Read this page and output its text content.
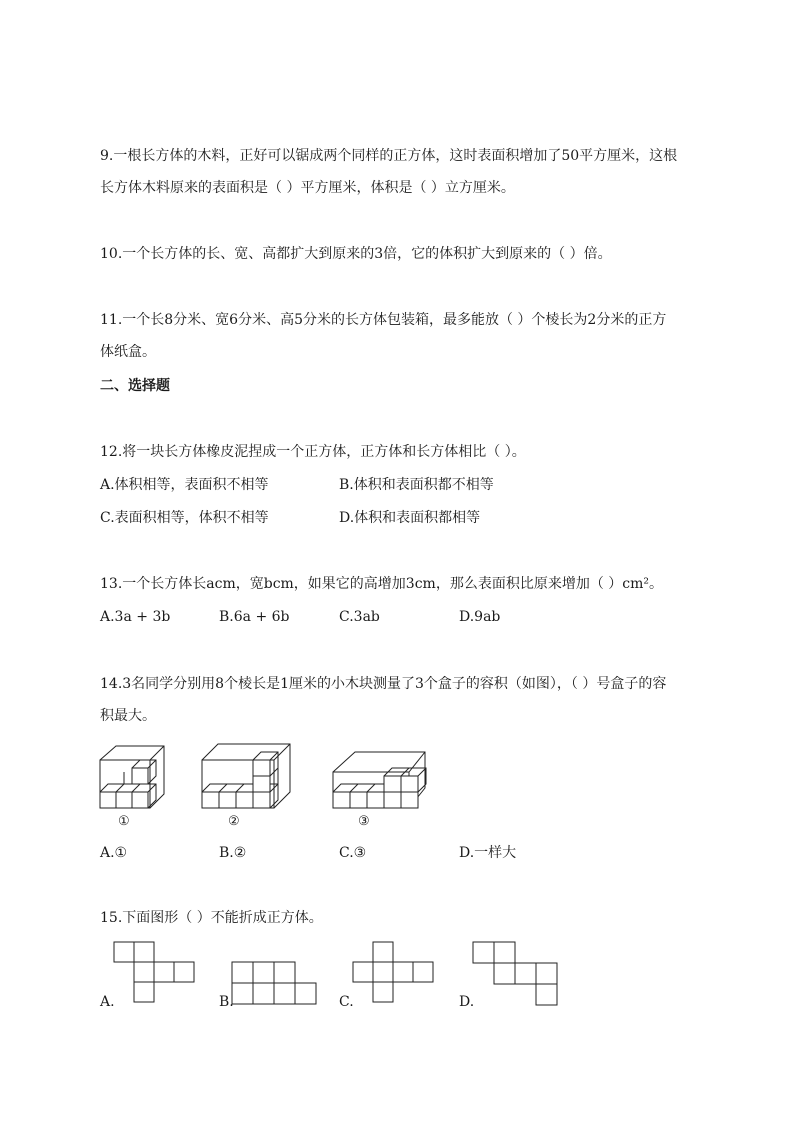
9.一根长方体的木料，正好可以锯成两个同样的正方体，这时表面积增加了50平方厘米，这根
长方体木料原来的表面积是（ ）平方厘米，体积是（ ）立方厘米。
10.一个长方体的长、宽、高都扩大到原来的3倍，它的体积扩大到原来的（ ）倍。
11.一个长8分米、宽6分米、高5分米的长方体包装箱，最多能放（ ）个棱长为2分米的正方
体纸盒。
二、选择题
12.将一块长方体橡皮泥捏成一个正方体，正方体和长方体相比（ ）。
A.体积相等，表面积不相等	B.体积和表面积都不相等
C.表面积相等，体积不相等	D.体积和表面积都相等
13.一个长方体长acm，宽bcm，如果它的高增加3cm，那么表面积比原来增加（ ）cm²。
A.3a + 3b	B.6a + 6b	C.3ab	D.9ab
14.3名同学分别用8个棱长是1厘米的小木块测量了3个盒子的容积（如图），（ ）号盒子的容
积最大。
①	②	③
A.①	B.②	C.③	D.一样大
15.下面图形（ ）不能折成正方体。
A.	B.	C.	D.
